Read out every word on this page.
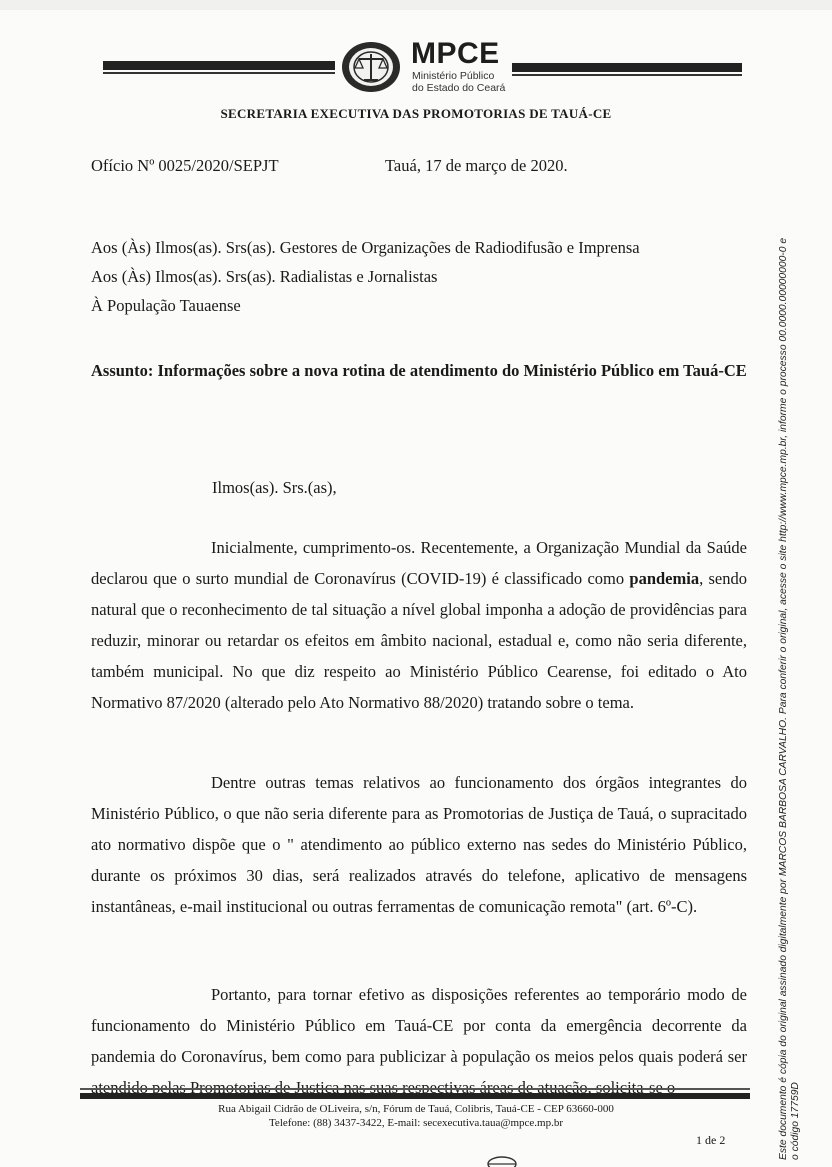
MPCE
Ministério Público
do Estado do Ceará
SECRETARIA EXECUTIVA DAS PROMOTORIAS DE TAUÁ-CE
Ofício Nº 0025/2020/SEPJT	Tauá, 17 de março de 2020.
Aos (Às) Ilmos(as). Srs(as). Gestores de Organizações de Radiodifusão e Imprensa
Aos (Às) Ilmos(as). Srs(as). Radialistas e Jornalistas
À População Tauaense
Assunto: Informações sobre a nova rotina de atendimento do Ministério Público em Tauá-CE
Ilmos(as). Srs.(as),

Inicialmente, cumprimento-os. Recentemente, a Organização Mundial da Saúde declarou que o surto mundial de Coronavírus (COVID-19) é classificado como pandemia, sendo natural que o reconhecimento de tal situação a nível global imponha a adoção de providências para reduzir, minorar ou retardar os efeitos em âmbito nacional, estadual e, como não seria diferente, também municipal. No que diz respeito ao Ministério Público Cearense, foi editado o Ato Normativo 87/2020 (alterado pelo Ato Normativo 88/2020) tratando sobre o tema.

Dentre outras temas relativos ao funcionamento dos órgãos integrantes do Ministério Público, o que não seria diferente para as Promotorias de Justiça de Tauá, o supracitado ato normativo dispõe que o " atendimento ao público externo nas sedes do Ministério Público, durante os próximos 30 dias, será realizados através do telefone, aplicativo de mensagens instantâneas, e-mail institucional ou outras ferramentas de comunicação remota" (art. 6º-C).

Portanto, para tornar efetivo as disposições referentes ao temporário modo de funcionamento do Ministério Público em Tauá-CE por conta da emergência decorrente da pandemia do Coronavírus, bem como para publicizar à população os meios pelos quais poderá ser

Rua Abigail Cidrão de OLiveira, s/n, Fórum de Tauá, Colibris, Tauá-CE - CEP 63660-000
Telefone: (88) 3437-3422, E-mail: secexecutiva.taua@mpce.mp.br
1 de 2	Este documento é cópia do original assinado digitalmente por MARCOS BARBOSA CARVALHO. Para conferir o original, acesse o site http://www.mpce.mp.br, informe o processo 00.0000.00000000-0 e o código 17759D
